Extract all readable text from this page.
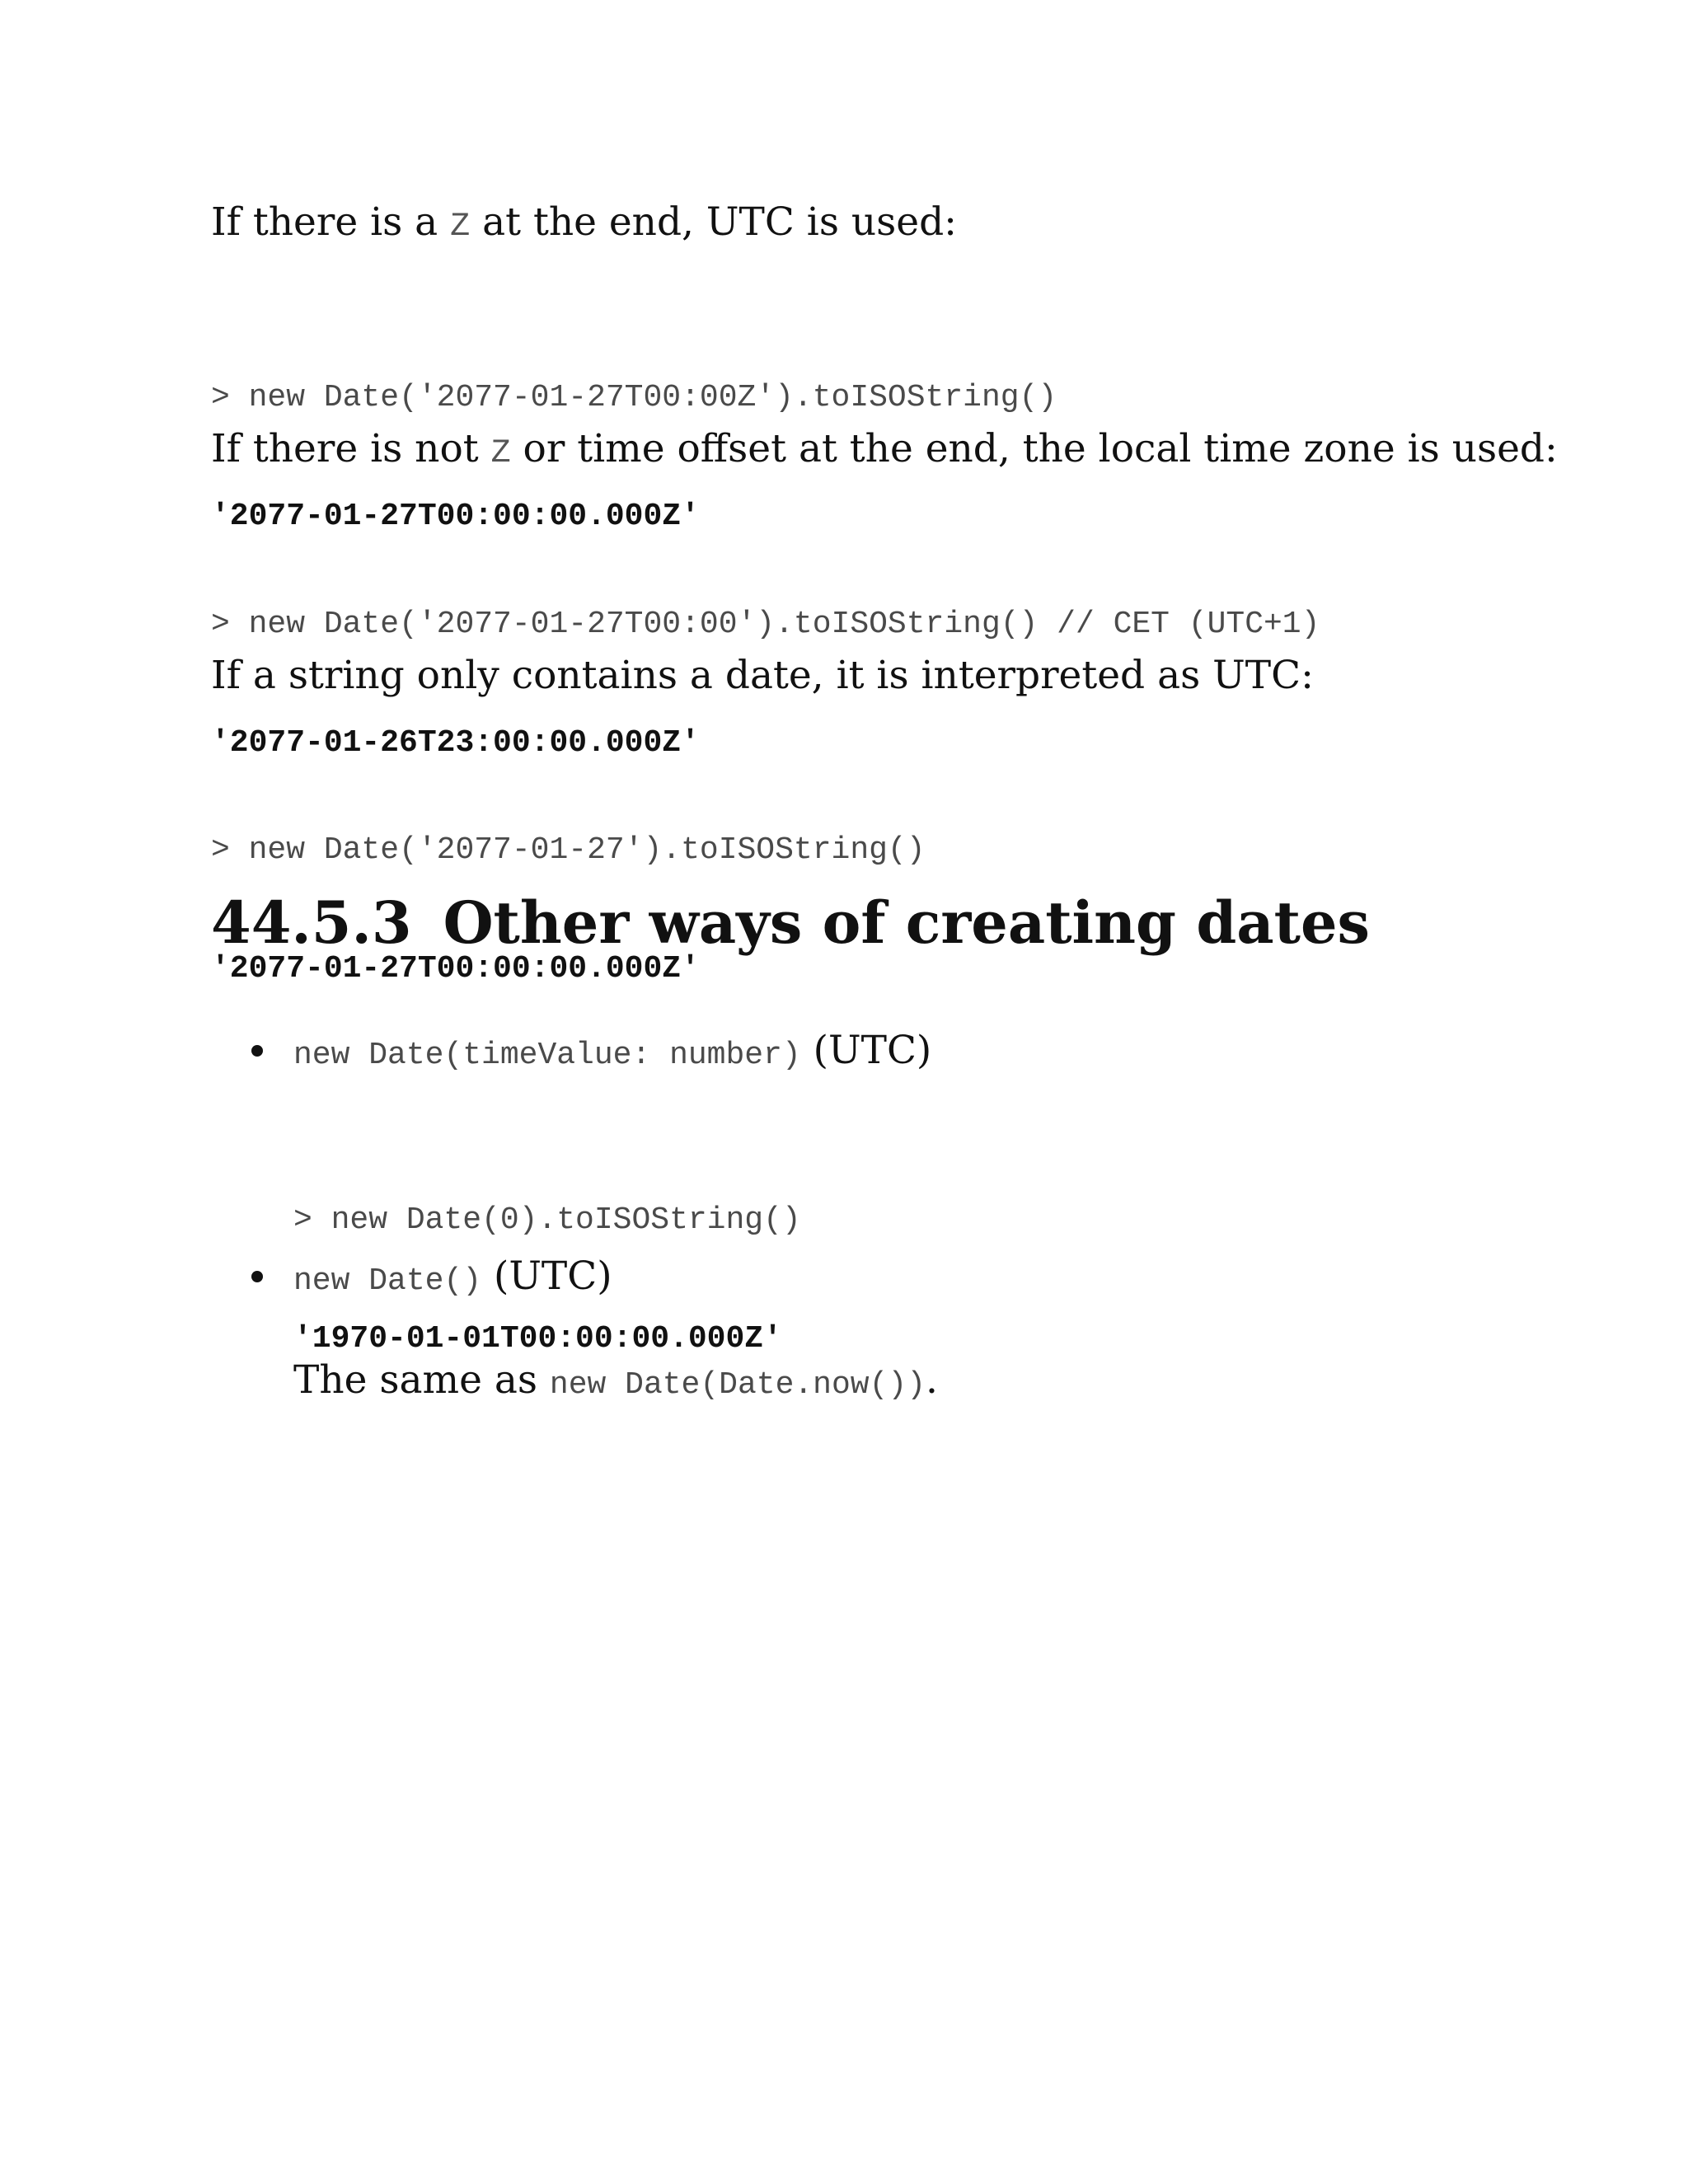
If there is a Z at the end, UTC is used:

> new Date('2077-01-27T00:00Z').toISOString()

'2077-01-27T00:00:00.000Z'

If there is not Z or time offset at the end, the local time zone is used:

> new Date('2077-01-27T00:00').toISOString() // CET (UTC+1)

'2077-01-26T23:00:00.000Z'

If a string only contains a date, it is interpreted as UTC:

> new Date('2077-01-27').toISOString()

'2077-01-27T00:00:00.000Z'

44.5.3 Other ways of creating dates

new Date(timeValue: number) (UTC)

> new Date(0).toISOString()

'1970-01-01T00:00:00.000Z'

new Date() (UTC)

The same as new Date(Date.now()).
